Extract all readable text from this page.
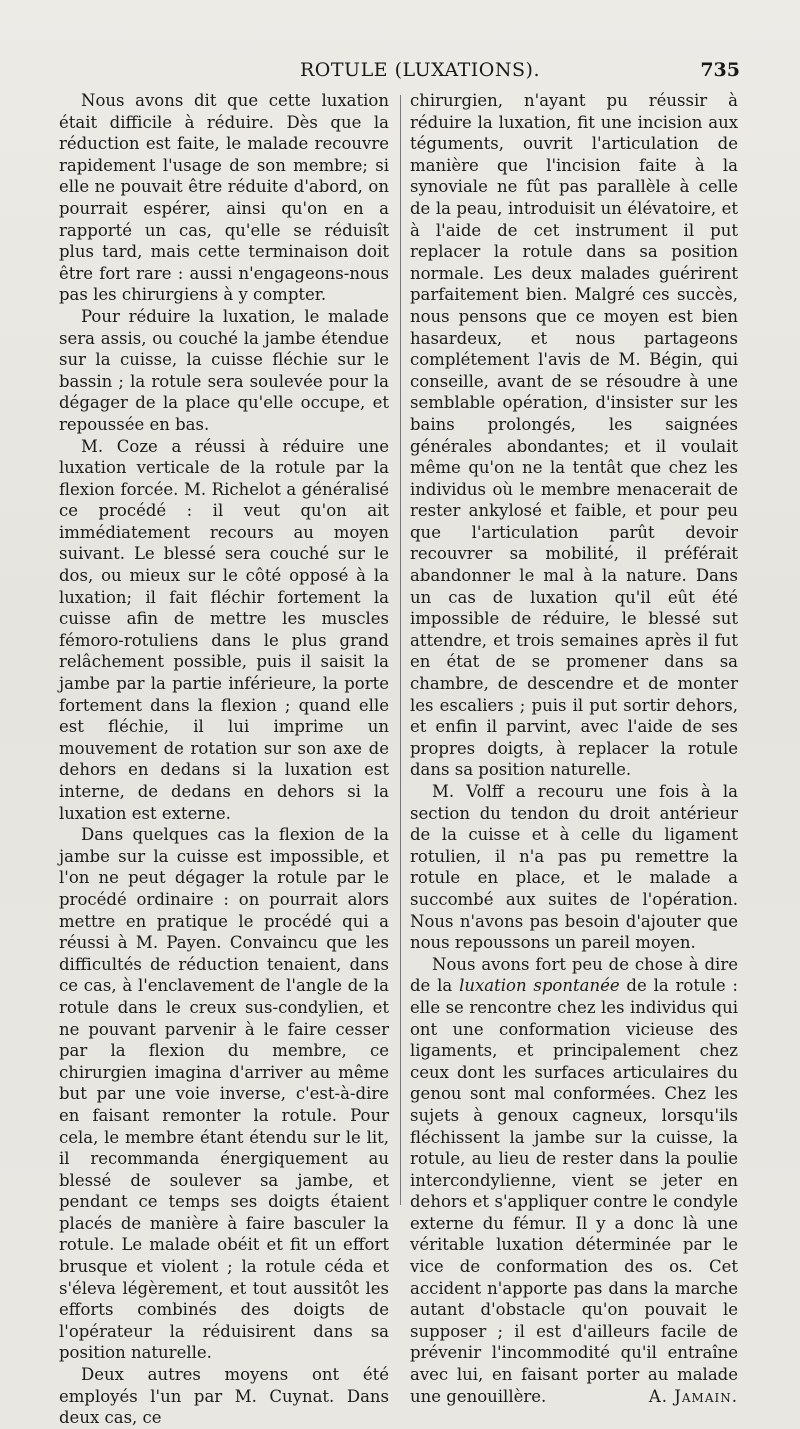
ROTULE (LUXATIONS).	735

Nous avons dit que cette luxation était difficile à réduire. Dès que la réduction est faite, le malade recouvre rapidement l'usage de son membre; si elle ne pouvait être réduite d'abord, on pourrait espérer, ainsi qu'on en a rapporté un cas, qu'elle se réduisît plus tard, mais cette terminaison doit être fort rare : aussi n'engageons-nous pas les chirurgiens à y compter.

Pour réduire la luxation, le malade sera assis, ou couché la jambe étendue sur la cuisse, la cuisse fléchie sur le bassin ; la rotule sera soulevée pour la dégager de la place qu'elle occupe, et repoussée en bas.

M. Coze a réussi à réduire une luxation verticale de la rotule par la flexion forcée. M. Richelot a généralisé ce procédé : il veut qu'on ait immédiatement recours au moyen suivant. Le blessé sera couché sur le dos, ou mieux sur le côté opposé à la luxation; il fait fléchir fortement la cuisse afin de mettre les muscles fémoro-rotuliens dans le plus grand relâchement possible, puis il saisit la jambe par la partie inférieure, la porte fortement dans la flexion ; quand elle est fléchie, il lui imprime un mouvement de rotation sur son axe de dehors en dedans si la luxation est interne, de dedans en dehors si la luxation est externe.

Dans quelques cas la flexion de la jambe sur la cuisse est impossible, et l'on ne peut dégager la rotule par le procédé ordinaire : on pourrait alors mettre en pratique le procédé qui a réussi à M. Payen. Convaincu que les difficultés de réduction tenaient, dans ce cas, à l'enclavement de l'angle de la rotule dans le creux sus-condylien, et ne pouvant parvenir à le faire cesser par la flexion du membre, ce chirurgien imagina d'arriver au même but par une voie inverse, c'est-à-dire en faisant remonter la rotule. Pour cela, le membre étant étendu sur le lit, il recommanda énergiquement au blessé de soulever sa jambe, et pendant ce temps ses doigts étaient placés de manière à faire basculer la rotule. Le malade obéit et fit un effort brusque et violent ; la rotule céda et s'éleva légèrement, et tout aussitôt les efforts combinés des doigts de l'opérateur la réduisirent dans sa position naturelle.

Deux autres moyens ont été employés l'un par M. Cuynat. Dans deux cas, ce

chirurgien, n'ayant pu réussir à réduire la luxation, fit une incision aux téguments, ouvrit l'articulation de manière que l'incision faite à la synoviale ne fût pas parallèle à celle de la peau, introduisit un élévatoire, et à l'aide de cet instrument il put replacer la rotule dans sa position normale. Les deux malades guérirent parfaitement bien. Malgré ces succès, nous pensons que ce moyen est bien hasardeux, et nous partageons complétement l'avis de M. Bégin, qui conseille, avant de se résoudre à une semblable opération, d'insister sur les bains prolongés, les saignées générales abondantes; et il voulait même qu'on ne la tentât que chez les individus où le membre menacerait de rester ankylosé et faible, et pour peu que l'articulation parût devoir recouvrer sa mobilité, il préférait abandonner le mal à la nature. Dans un cas de luxation qu'il eût été impossible de réduire, le blessé sut attendre, et trois semaines après il fut en état de se promener dans sa chambre, de descendre et de monter les escaliers ; puis il put sortir dehors, et enfin il parvint, avec l'aide de ses propres doigts, à replacer la rotule dans sa position naturelle.

M. Volff a recouru une fois à la section du tendon du droit antérieur de la cuisse et à celle du ligament rotulien, il n'a pas pu remettre la rotule en place, et le malade a succombé aux suites de l'opération. Nous n'avons pas besoin d'ajouter que nous repoussons un pareil moyen.

Nous avons fort peu de chose à dire de la luxation spontanée de la rotule : elle se rencontre chez les individus qui ont une conformation vicieuse des ligaments, et principalement chez ceux dont les surfaces articulaires du genou sont mal conformées. Chez les sujets à genoux cagneux, lorsqu'ils fléchissent la jambe sur la cuisse, la rotule, au lieu de rester dans la poulie intercondylienne, vient se jeter en dehors et s'appliquer contre le condyle externe du fémur. Il y a donc là une véritable luxation déterminée par le vice de conformation des os. Cet accident n'apporte pas dans la marche autant d'obstacle qu'on pouvait le supposer ; il est d'ailleurs facile de prévenir l'incommodité qu'il entraîne avec lui, en faisant porter au malade une genouillère.	A. Jamain.
